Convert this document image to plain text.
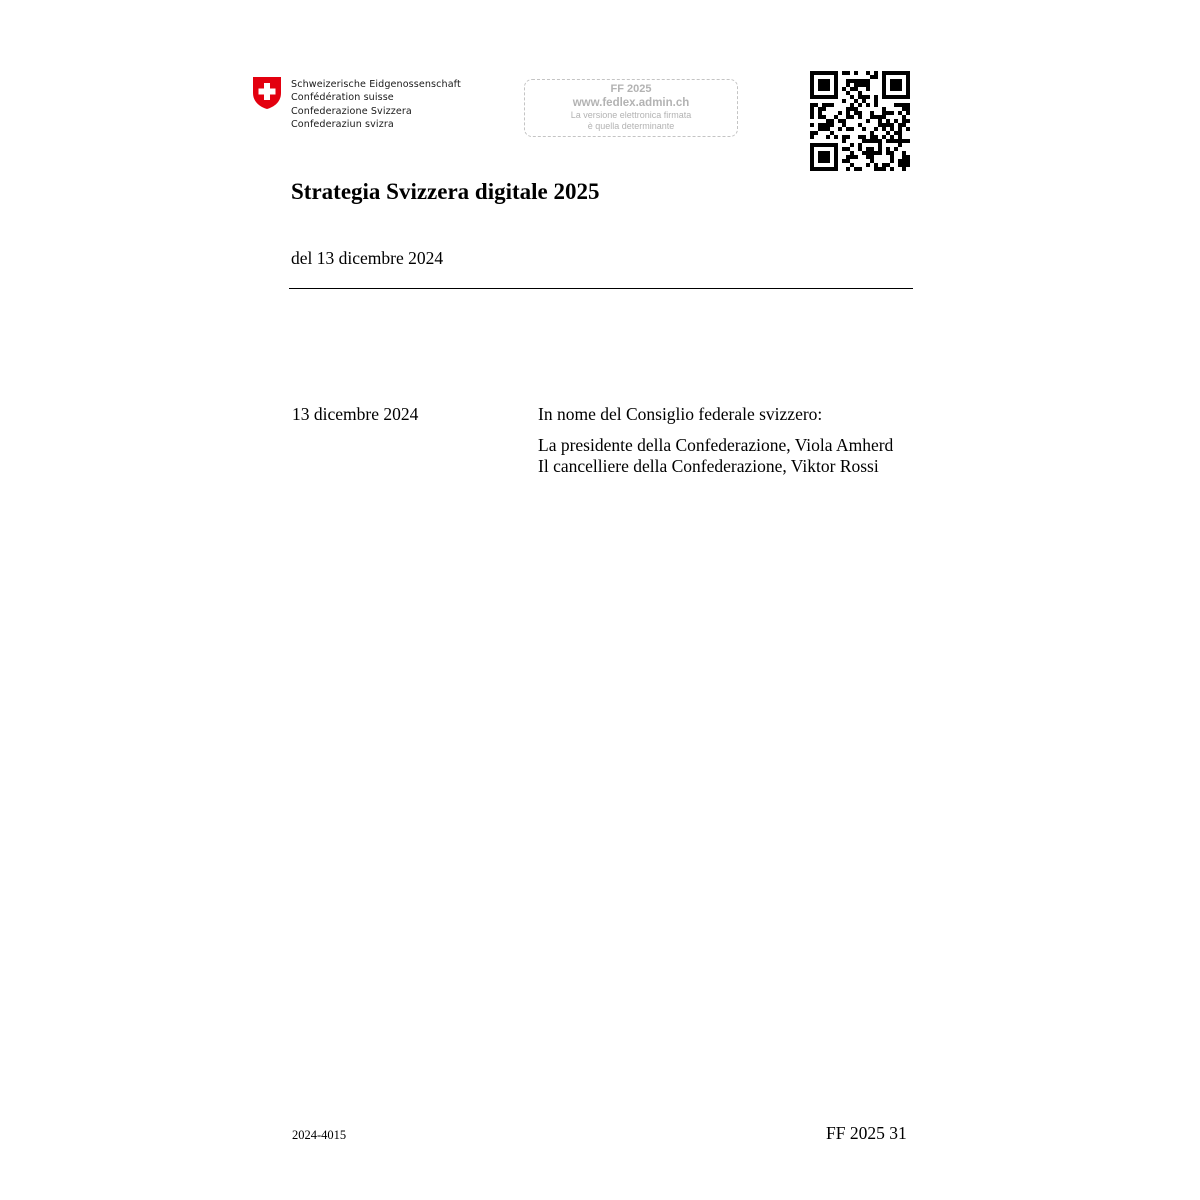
Schweizerische Eidgenossenschaft
Confédération suisse
Confederazione Svizzera
Confederaziun svizra
FF 2025
www.fedlex.admin.ch
La versione elettronica firmata
è quella determinante
Strategia Svizzera digitale 2025
del 13 dicembre 2024
13 dicembre 2024	In nome del Consiglio federale svizzero:
La presidente della Confederazione, Viola Amherd
Il cancelliere della Confederazione, Viktor Rossi
2024-4015	FF 2025 31
